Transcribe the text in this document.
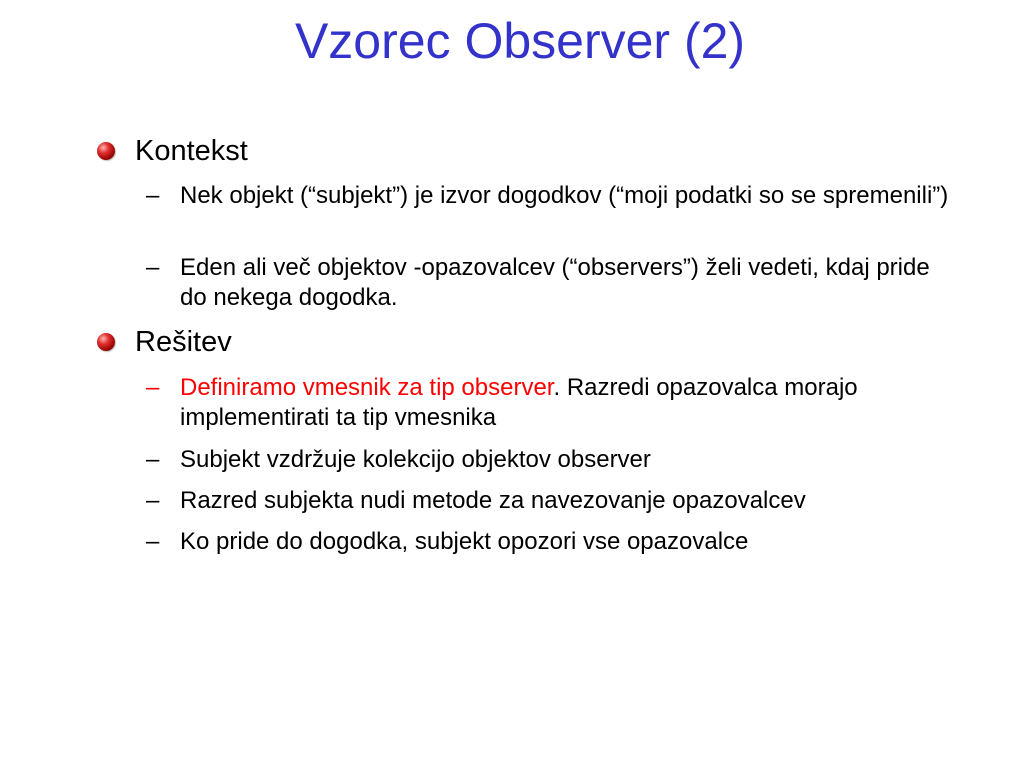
Vzorec Observer (2)
Kontekst
– Nek objekt (“subjekt”) je izvor dogodkov (“moji podatki so se spremenili”)
– Eden ali več objektov -opazovalcev (“observers”) želi vedeti, kdaj pride do nekega dogodka.
Rešitev
– Definiramo vmesnik za tip observer. Razredi opazovalca morajo implementirati ta tip vmesnika
– Subjekt vzdržuje kolekcijo objektov observer
– Razred subjekta nudi metode za navezovanje opazovalcev
– Ko pride do dogodka, subjekt opozori vse opazovalce
